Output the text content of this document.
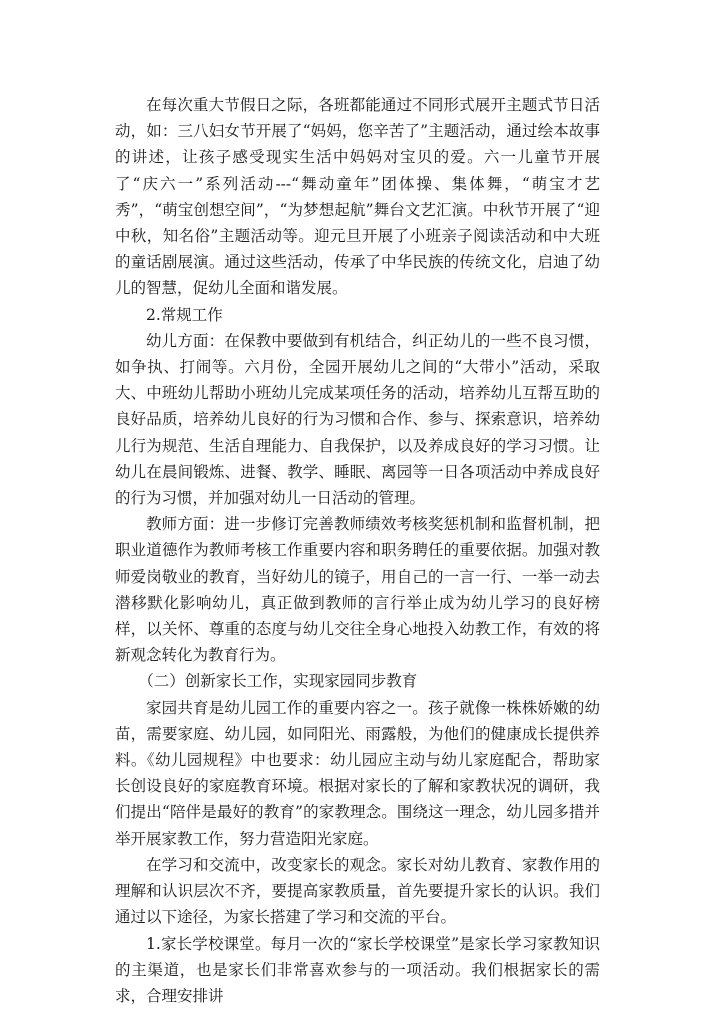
在每次重大节假日之际，各班都能通过不同形式展开主题式节日活动，如：三八妇女节开展了“妈妈，您辛苦了”主题活动，通过绘本故事的讲述，让孩子感受现实生活中妈妈对宝贝的爱。六一儿童节开展了“庆六一”系列活动---“舞动童年”团体操、集体舞，“萌宝才艺秀”，“萌宝创想空间”，“为梦想起航”舞台文艺汇演。中秋节开展了“迎中秋，知名俗”主题活动等。迎元旦开展了小班亲子阅读活动和中大班的童话剧展演。通过这些活动，传承了中华民族的传统文化，启迪了幼儿的智慧，促幼儿全面和谐发展。

2.常规工作

幼儿方面：在保教中要做到有机结合，纠正幼儿的一些不良习惯，如争执、打闹等。六月份，全园开展幼儿之间的“大带小”活动，采取大、中班幼儿帮助小班幼儿完成某项任务的活动，培养幼儿互帮互助的良好品质，培养幼儿良好的行为习惯和合作、参与、探索意识，培养幼儿行为规范、生活自理能力、自我保护，以及养成良好的学习习惯。让幼儿在晨间锻炼、进餐、教学、睡眠、离园等一日各项活动中养成良好的行为习惯，并加强对幼儿一日活动的管理。

教师方面：进一步修订完善教师绩效考核奖惩机制和监督机制，把职业道德作为教师考核工作重要内容和职务聘任的重要依据。加强对教师爱岗敬业的教育，当好幼儿的镜子，用自己的一言一行、一举一动去潜移默化影响幼儿，真正做到教师的言行举止成为幼儿学习的良好榜样，以关怀、尊重的态度与幼儿交往全身心地投入幼教工作，有效的将新观念转化为教育行为。

（二）创新家长工作，实现家园同步教育

家园共育是幼儿园工作的重要内容之一。孩子就像一株株娇嫩的幼苗，需要家庭、幼儿园，如同阳光、雨露般，为他们的健康成长提供养料。《幼儿园规程》中也要求：幼儿园应主动与幼儿家庭配合，帮助家长创设良好的家庭教育环境。根据对家长的了解和家教状况的调研，我们提出“陪伴是最好的教育”的家教理念。围绕这一理念，幼儿园多措并举开展家教工作，努力营造阳光家庭。

在学习和交流中，改变家长的观念。家长对幼儿教育、家教作用的理解和认识层次不齐，要提高家教质量，首先要提升家长的认识。我们通过以下途径，为家长搭建了学习和交流的平台。

1.家长学校课堂。每月一次的“家长学校课堂”是家长学习家教知识的主渠道，也是家长们非常喜欢参与的一项活动。我们根据家长的需求，合理安排讲
